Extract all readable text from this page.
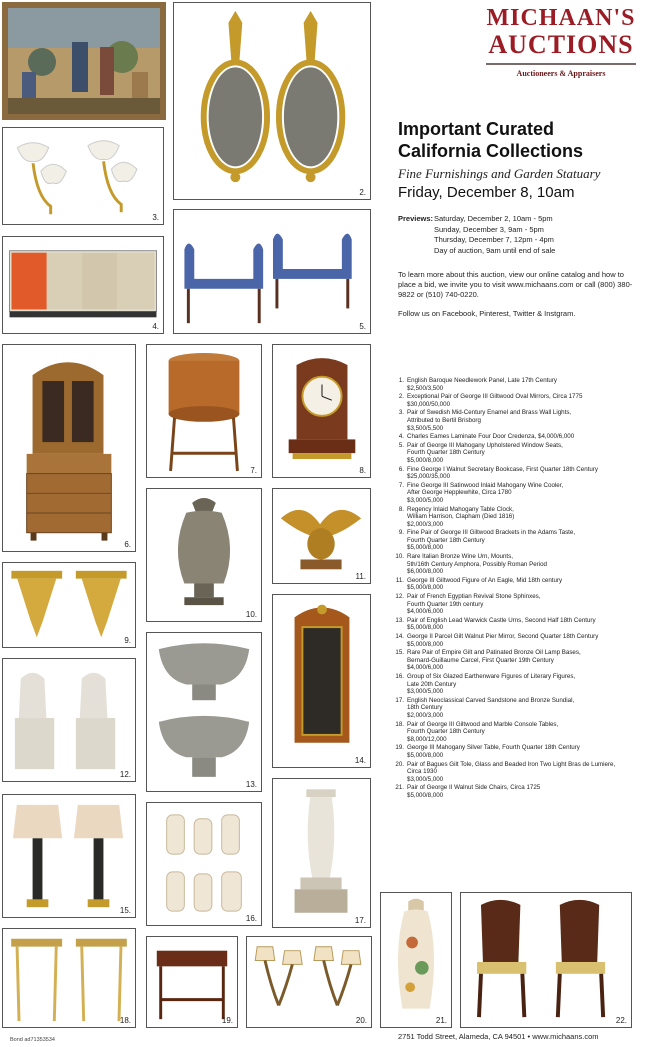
MICHAAN'S
AUCTIONS
Auctioneers & Appraisers
Important Curated
California Collections
Fine Furnishings and Garden Statuary
Friday, December 8, 10am
Previews: Saturday, December 2, 10am - 5pm
Sunday, December 3, 9am - 5pm
Thursday, December 7, 12pm - 4pm
Day of auction, 9am until end of sale
To learn more about this auction, view our online catalog and how to place a bid, we invite you to visit www.michaans.com or call (800) 380-9822 or (510) 740-0220.
Follow us on Facebook, Pinterest, Twitter & Instgram.
1. English Baroque Needlework Panel, Late 17th Century
$2,500/3,500
2. Exceptional Pair of George III Giltwood Oval Mirrors, Circa 1775
$30,000/50,000
3. Pair of Swedish Mid-Century Enamel and Brass Wall Lights,
Attributed to Bertil Brisborg
$3,500/5,500
4. Charles Eames Laminate Four Door Credenza, $4,000/6,000
5. Pair of George III Mahogany Upholstered Window Seats,
Fourth Quarter 18th Century
$5,000/8,000
6. Fine George I Walnut Secretary Bookcase, First Quarter 18th Century
$25,000/35,000
7. Fine George III Satinwood Inlaid Mahogany Wine Cooler,
After George Hepplewhite, Circa 1780
$3,000/5,000
8. Regency Inlaid Mahogany Table Clock,
William Harrison, Clapham (Died 1816)
$2,000/3,000
9. Fine Pair of George III Giltwood Brackets in the Adams Taste,
Fourth Quarter 18th Century
$5,000/8,000
10. Rare Italian Bronze Wine Urn, Mounts,
5th/16th Century Amphora, Possibly Roman Period
$6,000/8,000
11. George III Giltwood Figure of An Eagle, Mid 18th century
$5,000/8,000
12. Pair of French Egyptian Revival Stone Sphinxes,
Fourth Quarter 19th century
$4,000/6,000
13. Pair of English Lead Warwick Castle Urns, Second Half 18th Century
$5,000/8,000
14. George II Parcel Gilt Walnut Pier Mirror, Second Quarter 18th Century
$5,000/8,000
15. Rare Pair of Empire Gilt and Patinated Bronze Oil Lamp Bases,
Bernard-Guillaume Carcel, First Quarter 19th Century
$4,000/6,000
16. Group of Six Glazed Earthenware Figures of Literary Figures,
Late 20th Century
$3,000/5,000
17. English Neoclassical Carved Sandstone and Bronze Sundial,
18th Century
$2,000/3,000
18. Pair of George III Giltwood and Marble Console Tables,
Fourth Quarter 18th Century
$8,000/12,000
19. George III Mahogany Silver Table, Fourth Quarter 18th Century
$5,000/8,000
20. Pair of Bagues Gilt Tole, Glass and Beaded Iron Two Light Bras de Lumiere,
Circa 1930
$3,000/5,000
21. Pair of George II Walnut Side Chairs, Circa 1725
$5,000/8,000
2751 Todd Street, Alameda, CA 94501 • www.michaans.com
Bond ad71353534
2.
3.
4.	5.
6.
7.	8.
9.
10.
11.
12.
13.
14.
15.
16.	17.
18.	19.	20.	21.	22.
